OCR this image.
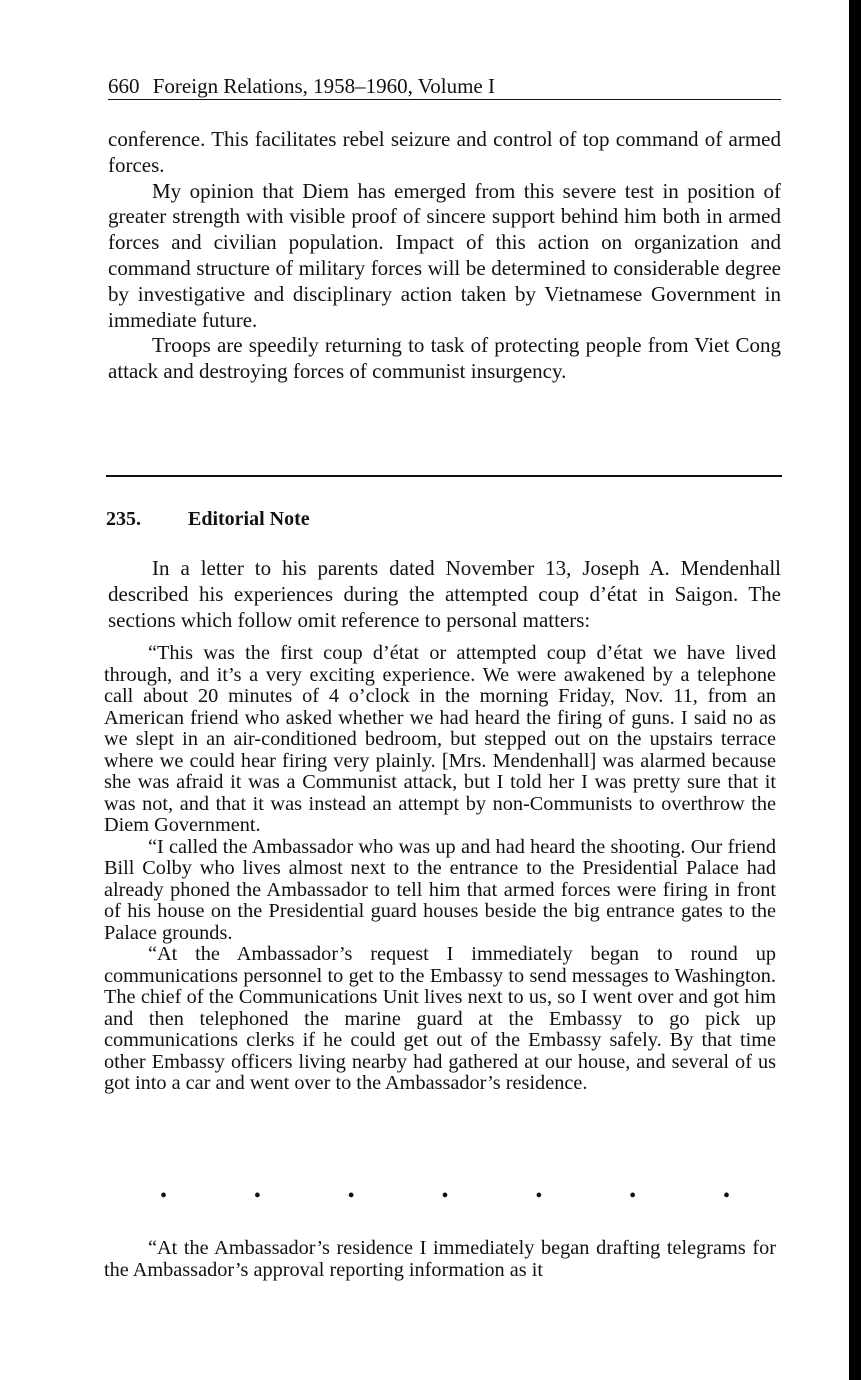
660 Foreign Relations, 1958–1960, Volume I

conference. This facilitates rebel seizure and control of top command of armed forces.

My opinion that Diem has emerged from this severe test in position of greater strength with visible proof of sincere support behind him both in armed forces and civilian population. Impact of this action on organization and command structure of military forces will be determined to considerable degree by investigative and disciplinary action taken by Vietnamese Government in immediate future.

Troops are speedily returning to task of protecting people from Viet Cong attack and destroying forces of communist insurgency.

235. Editorial Note

In a letter to his parents dated November 13, Joseph A. Mendenhall described his experiences during the attempted coup d’état in Saigon. The sections which follow omit reference to personal matters:

“This was the first coup d’état or attempted coup d’état we have lived through, and it’s a very exciting experience. We were awakened by a telephone call about 20 minutes of 4 o’clock in the morning Friday, Nov. 11, from an American friend who asked whether we had heard the firing of guns. I said no as we slept in an air-conditioned bedroom, but stepped out on the upstairs terrace where we could hear firing very plainly. [Mrs. Mendenhall] was alarmed because she was afraid it was a Communist attack, but I told her I was pretty sure that it was not, and that it was instead an attempt by non-Communists to overthrow the Diem Government.

“I called the Ambassador who was up and had heard the shooting. Our friend Bill Colby who lives almost next to the entrance to the Presidential Palace had already phoned the Ambassador to tell him that armed forces were firing in front of his house on the Presidential guard houses beside the big entrance gates to the Palace grounds.

“At the Ambassador’s request I immediately began to round up communications personnel to get to the Embassy to send messages to Washington. The chief of the Communications Unit lives next to us, so I went over and got him and then telephoned the marine guard at the Embassy to go pick up communications clerks if he could get out of the Embassy safely. By that time other Embassy officers living nearby had gathered at our house, and several of us got into a car and went over to the Ambassador’s residence.

•	•	•	•	•	•	•

“At the Ambassador’s residence I immediately began drafting telegrams for the Ambassador’s approval reporting information as it
